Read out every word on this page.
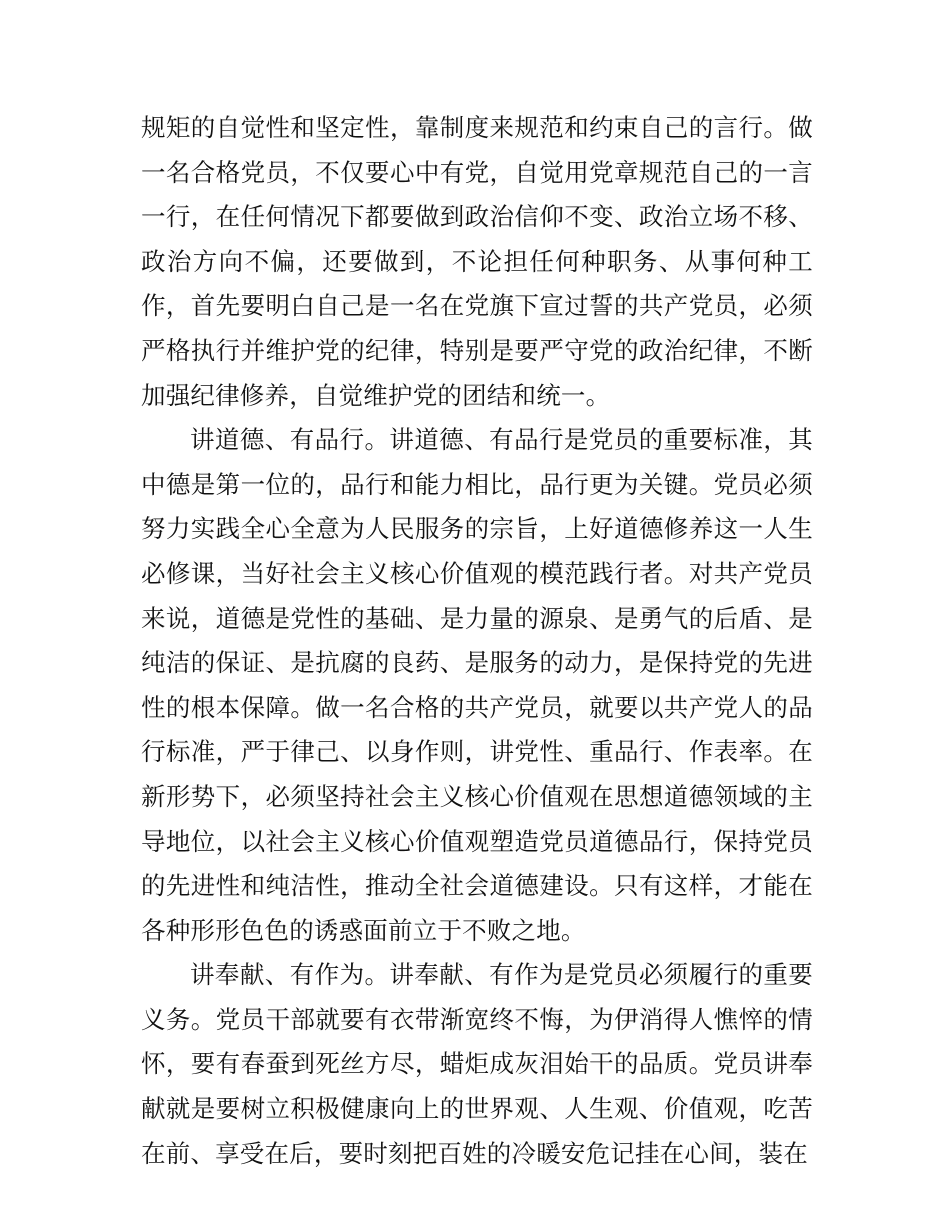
规矩的自觉性和坚定性，靠制度来规范和约束自己的言行。做一名合格党员，不仅要心中有党，自觉用党章规范自己的一言一行，在任何情况下都要做到政治信仰不变、政治立场不移、政治方向不偏，还要做到，不论担任何种职务、从事何种工作，首先要明白自己是一名在党旗下宣过誓的共产党员，必须严格执行并维护党的纪律，特别是要严守党的政治纪律，不断加强纪律修养，自觉维护党的团结和统一。

讲道德、有品行。讲道德、有品行是党员的重要标准，其中德是第一位的，品行和能力相比，品行更为关键。党员必须努力实践全心全意为人民服务的宗旨，上好道德修养这一人生必修课，当好社会主义核心价值观的模范践行者。对共产党员来说，道德是党性的基础、是力量的源泉、是勇气的后盾、是纯洁的保证、是抗腐的良药、是服务的动力，是保持党的先进性的根本保障。做一名合格的共产党员，就要以共产党人的品行标准，严于律己、以身作则，讲党性、重品行、作表率。在新形势下，必须坚持社会主义核心价值观在思想道德领域的主导地位，以社会主义核心价值观塑造党员道德品行，保持党员的先进性和纯洁性，推动全社会道德建设。只有这样，才能在各种形形色色的诱惑面前立于不败之地。

讲奉献、有作为。讲奉献、有作为是党员必须履行的重要义务。党员干部就要有衣带渐宽终不悔，为伊消得人憔悴的情怀，要有春蚕到死丝方尽，蜡炬成灰泪始干的品质。党员讲奉献就是要树立积极健康向上的世界观、人生观、价值观，吃苦在前、享受在后，要时刻把百姓的冷暖安危记挂在心间，装在
